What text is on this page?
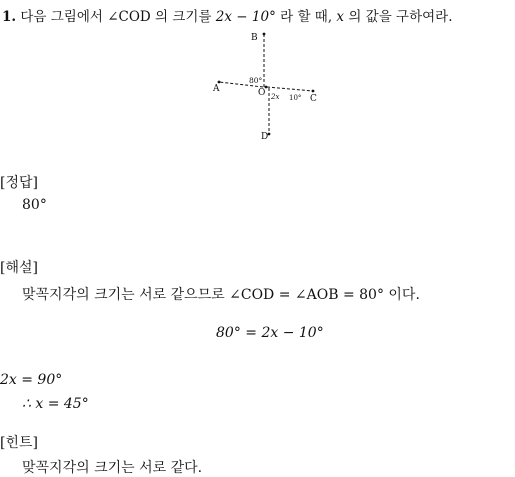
1. 다음 그림에서 ∠COD 의 크기를 2x − 10° 라 할 때, x 의 값을 구하여라.
B
A
C
D
O
80°
2x 10°
[정답]
80°
[해설]
맞꼭지각의 크기는 서로 같으므로 ∠COD = ∠AOB = 80° 이다.
80° = 2x − 10°
2x = 90°
∴ x = 45°
[힌트]
맞꼭지각의 크기는 서로 같다.
